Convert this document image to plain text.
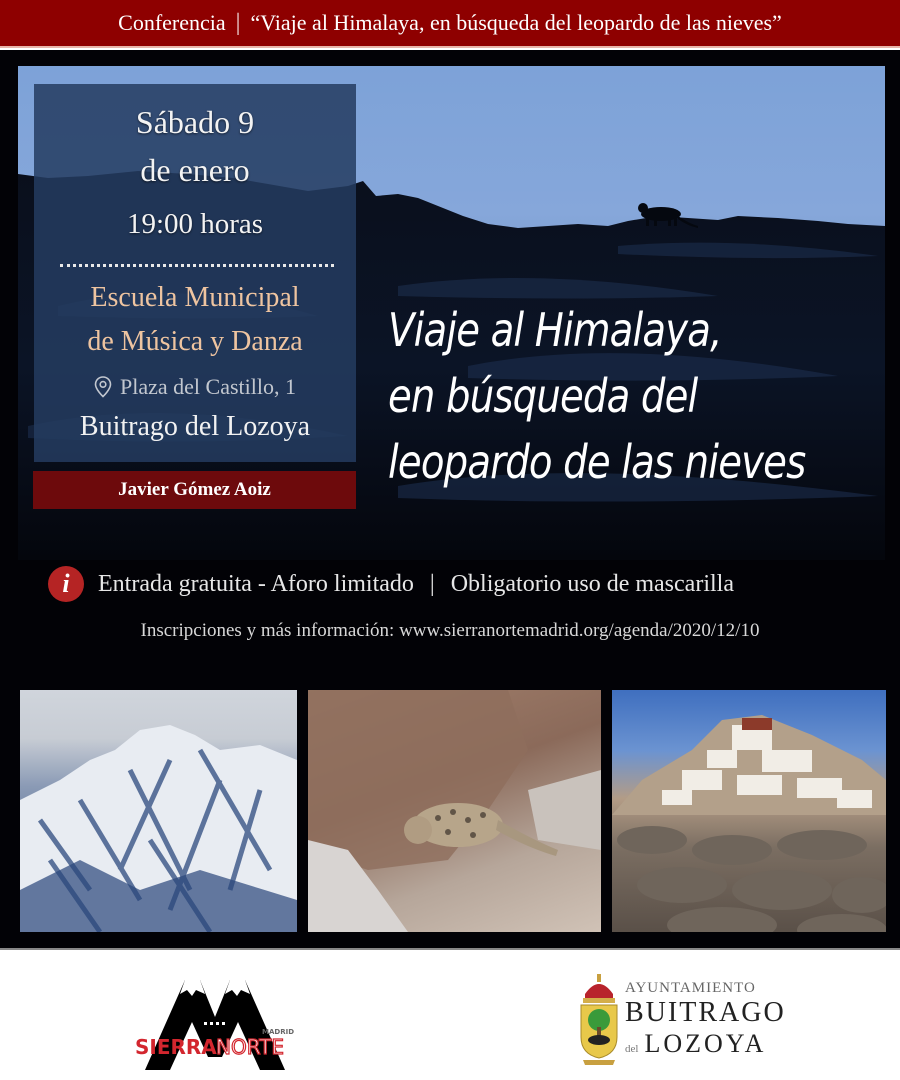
Conferencia | “Viaje al Himalaya, en búsqueda del leopardo de las nieves”
Sábado 9
de enero
19:00 horas
Escuela Municipal
de Música y Danza
Plaza del Castillo, 1
Buitrago del Lozoya
Javier Gómez Aoiz
Viaje al Himalaya,
en búsqueda del
leopardo de las nieves
i	Entrada gratuita - Aforo limitado | Obligatorio uso de mascarilla
Inscripciones y más información: www.sierranortemadrid.org/agenda/2020/12/10
SIERRA NORTE
MADRID
AYUNTAMIENTO
BUITRAGO
del LOZOYA
